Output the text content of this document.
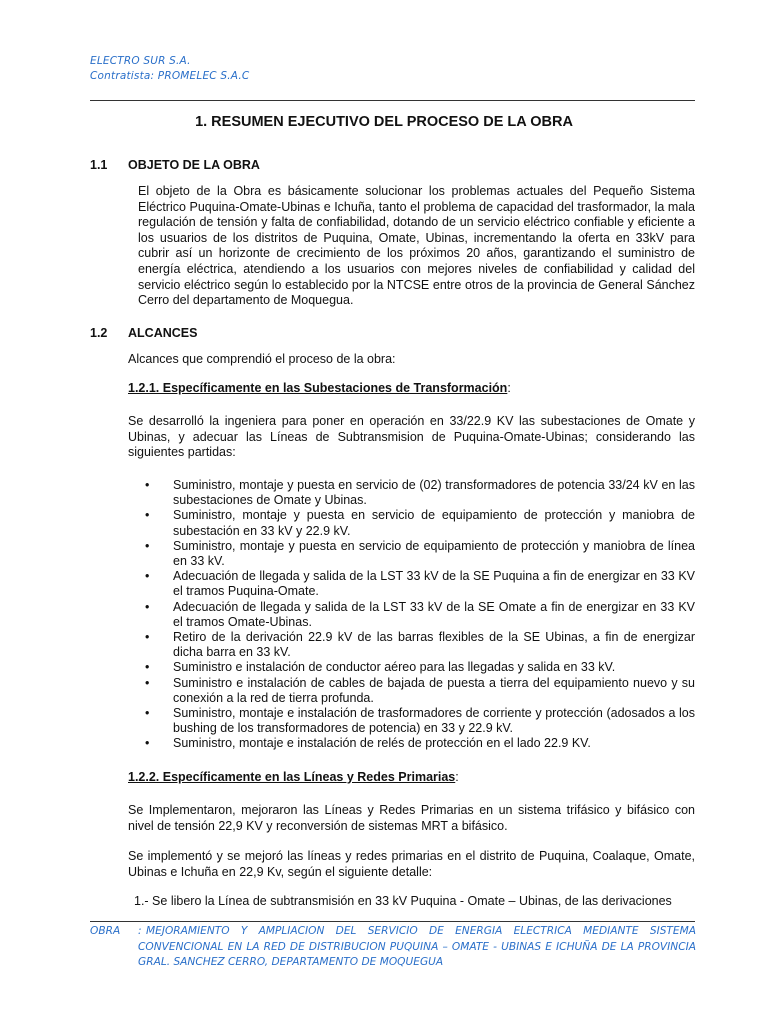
ELECTRO SUR S.A.
Contratista: PROMELEC S.A.C
1. RESUMEN EJECUTIVO DEL PROCESO DE LA OBRA
1.1 OBJETO DE LA OBRA

El objeto de la Obra es básicamente solucionar los problemas actuales del Pequeño Sistema Eléctrico Puquina-Omate-Ubinas e Ichuña, tanto el problema de capacidad del trasformador, la mala regulación de tensión y falta de confiabilidad, dotando de un servicio eléctrico confiable y eficiente a los usuarios de los distritos de Puquina, Omate, Ubinas, incrementando la oferta en 33kV para cubrir así un horizonte de crecimiento de los próximos 20 años, garantizando el suministro de energía eléctrica, atendiendo a los usuarios con mejores niveles de confiabilidad y calidad del servicio eléctrico según lo establecido por la NTCSE entre otros de la provincia de General Sánchez Cerro del departamento de Moquegua.

1.2 ALCANCES
Alcances que comprendió el proceso de la obra:
1.2.1. Específicamente en las Subestaciones de Transformación:

Se desarrolló la ingeniera para poner en operación en 33/22.9 KV las subestaciones de Omate y Ubinas, y adecuar las Líneas de Subtransmision de Puquina-Omate-Ubinas; considerando las siguientes partidas:

• Suministro, montaje y puesta en servicio de (02) transformadores de potencia 33/24 kV en las subestaciones de Omate y Ubinas.
• Suministro, montaje y puesta en servicio de equipamiento de protección y maniobra de subestación en 33 kV y 22.9 kV.
• Suministro, montaje y puesta en servicio de equipamiento de protección y maniobra de línea en 33 kV.
• Adecuación de llegada y salida de la LST 33 kV de la SE Puquina a fin de energizar en 33 KV el tramos Puquina-Omate.
• Adecuación de llegada y salida de la LST 33 kV de la SE Omate a fin de energizar en 33 KV el tramos Omate-Ubinas.
• Retiro de la derivación 22.9 kV de las barras flexibles de la SE Ubinas, a fin de energizar dicha barra en 33 kV.
• Suministro e instalación de conductor aéreo para las llegadas y salida en 33 kV.
• Suministro e instalación de cables de bajada de puesta a tierra del equipamiento nuevo y su conexión a la red de tierra profunda.
• Suministro, montaje e instalación de trasformadores de corriente y protección (adosados a los bushing de los transformadores de potencia) en 33 y 22.9 kV.
• Suministro, montaje e instalación de relés de protección en el lado 22.9 KV.
1.2.2. Específicamente en las Líneas y Redes Primarias:

Se Implementaron, mejoraron las Líneas y Redes Primarias en un sistema trifásico y bifásico con nivel de tensión 22,9 KV y reconversión de sistemas MRT a bifásico.

Se implementó y se mejoró las líneas y redes primarias en el distrito de Puquina, Coalaque, Omate, Ubinas e Ichuña en 22,9 Kv, según el siguiente detalle:

1.- Se libero la Línea de subtransmisión en 33 kV Puquina - Omate – Ubinas, de las derivaciones
OBRA : MEJORAMIENTO Y AMPLIACION DEL SERVICIO DE ENERGIA ELECTRICA MEDIANTE SISTEMA CONVENCIONAL EN LA RED DE DISTRIBUCION PUQUINA – OMATE - UBINAS E ICHUÑA DE LA PROVINCIA GRAL. SANCHEZ CERRO, DEPARTAMENTO DE MOQUEGUA
